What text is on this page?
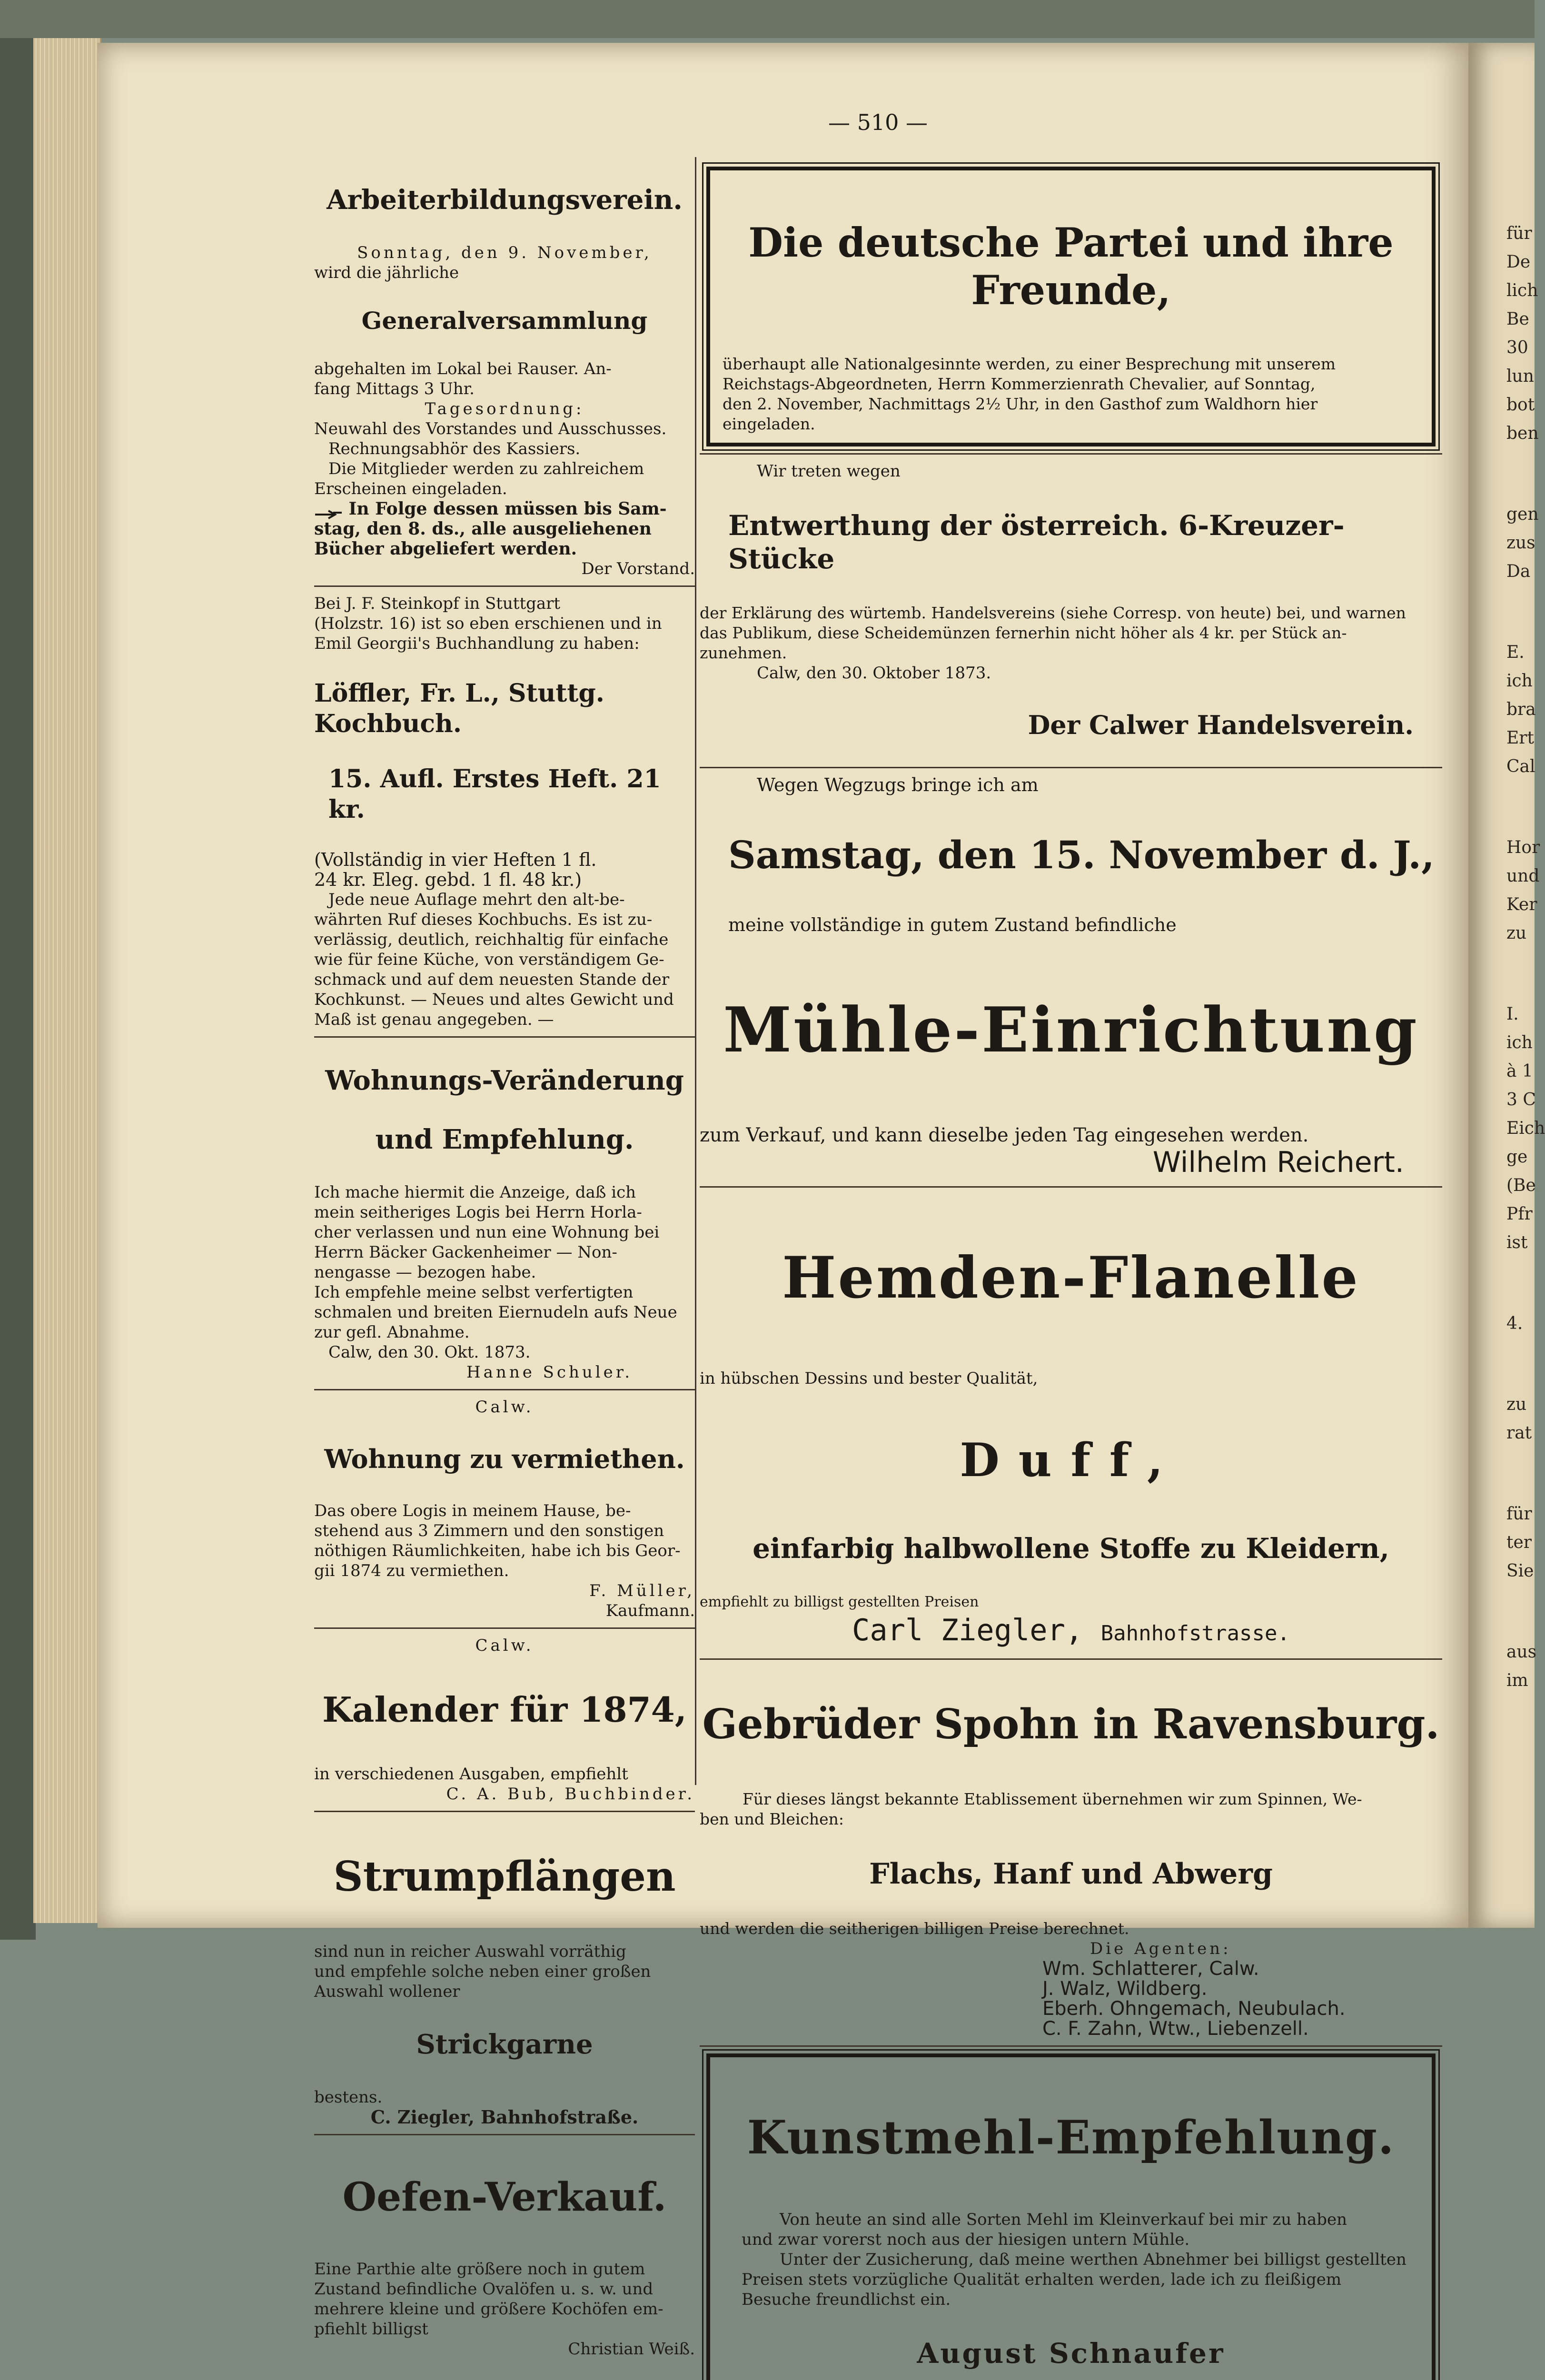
für
De
lich
Be
30
lun
bot
ben
gen
zus
Da
E.
ich
bra
Ert
Cal
Hor
und
Ker
zu
I.
ich
à 1
3 C
Eich
ge
(Be
Pfr
ist
4.
zu
rat
für
ter
Sie
aus
im
— 510 —

Arbeiterbildungsverein.

Sonntag, den 9. November,

wird die jährliche

Generalversammlung

abgehalten im Lokal bei Rauser. An-

fang Mittags 3 Uhr.

Tagesordnung:

Neuwahl des Vorstandes und Ausschusses.

Rechnungsabhör des Kassiers.

Die Mitglieder werden zu zahlreichem

Erscheinen eingeladen.

In Folge dessen müssen bis Sam-

stag, den 8. ds., alle ausgeliehenen

Bücher abgeliefert werden.

Der Vorstand.

Bei J. F. Steinkopf in Stuttgart

(Holzstr. 16) ist so eben erschienen und in

Emil Georgii's Buchhandlung zu haben:

Löffler, Fr. L., Stuttg. Kochbuch.

15. Aufl. Erstes Heft. 21 kr.

(Vollständig in vier Heften 1 fl.

24 kr. Eleg. gebd. 1 fl. 48 kr.)

Jede neue Auflage mehrt den alt-be-

währten Ruf dieses Kochbuchs. Es ist zu-

verlässig, deutlich, reichhaltig für einfache

wie für feine Küche, von verständigem Ge-

schmack und auf dem neuesten Stande der

Kochkunst. — Neues und altes Gewicht und

Maß ist genau angegeben. —

Wohnungs-Veränderung

und Empfehlung.

Ich mache hiermit die Anzeige, daß ich

mein seitheriges Logis bei Herrn Horla-

cher verlassen und nun eine Wohnung bei

Herrn Bäcker Gackenheimer — Non-

nengasse — bezogen habe.

Ich empfehle meine selbst verfertigten

schmalen und breiten Eiernudeln aufs Neue

zur gefl. Abnahme.

Calw, den 30. Okt. 1873.

Hanne Schuler.

Calw.

Wohnung zu vermiethen.

Das obere Logis in meinem Hause, be-

stehend aus 3 Zimmern und den sonstigen

nöthigen Räumlichkeiten, habe ich bis Geor-

gii 1874 zu vermiethen.

F. Müller,

Kaufmann.

Calw.

Kalender für 1874,

in verschiedenen Ausgaben, empfiehlt

C. A. Bub, Buchbinder.

Strumpflängen

sind nun in reicher Auswahl vorräthig

und empfehle solche neben einer großen

Auswahl wollener

Strickgarne

bestens.

C. Ziegler, Bahnhofstraße.

Oefen-Verkauf.

Eine Parthie alte größere noch in gutem

Zustand befindliche Ovalöfen u. s. w. und

mehrere kleine und größere Kochöfen em-

pfiehlt billigst

Christian Weiß.

Die deutsche Partei und ihre Freunde,

überhaupt alle Nationalgesinnte werden, zu einer Besprechung mit unserem

Reichstags-Abgeordneten, Herrn Kommerzienrath Chevalier, auf Sonntag,

den 2. November, Nachmittags 2½ Uhr, in den Gasthof zum Waldhorn hier

eingeladen.

Wir treten wegen

Entwerthung der österreich. 6-Kreuzer-Stücke

der Erklärung des würtemb. Handelsvereins (siehe Corresp. von heute) bei, und warnen

das Publikum, diese Scheidemünzen fernerhin nicht höher als 4 kr. per Stück an-

zunehmen.

Calw, den 30. Oktober 1873.

Der Calwer Handelsverein.

Wegen Wegzugs bringe ich am

Samstag, den 15. November d. J.,

meine vollständige in gutem Zustand befindliche

Mühle-Einrichtung

zum Verkauf, und kann dieselbe jeden Tag eingesehen werden.

Wilhelm Reichert.

Hemden-Flanelle

in hübschen Dessins und bester Qualität,

Duff,

einfarbig halbwollene Stoffe zu Kleidern,

empfiehlt zu billigst gestellten Preisen

Carl Ziegler, Bahnhofstrasse.

Gebrüder Spohn in Ravensburg.

Für dieses längst bekannte Etablissement übernehmen wir zum Spinnen, We-

ben und Bleichen:

Flachs, Hanf und Abwerg

und werden die seitherigen billigen Preise berechnet.

Die Agenten:

Wm. Schlatterer, Calw.

J. Walz, Wildberg.

Eberh. Ohngemach, Neubulach.

C. F. Zahn, Wtw., Liebenzell.

Kunstmehl-Empfehlung.

Von heute an sind alle Sorten Mehl im Kleinverkauf bei mir zu haben

und zwar vorerst noch aus der hiesigen untern Mühle.

Unter der Zusicherung, daß meine werthen Abnehmer bei billigst gestellten

Preisen stets vorzügliche Qualität erhalten werden, lade ich zu fleißigem

Besuche freundlichst ein.

August Schnaufer
